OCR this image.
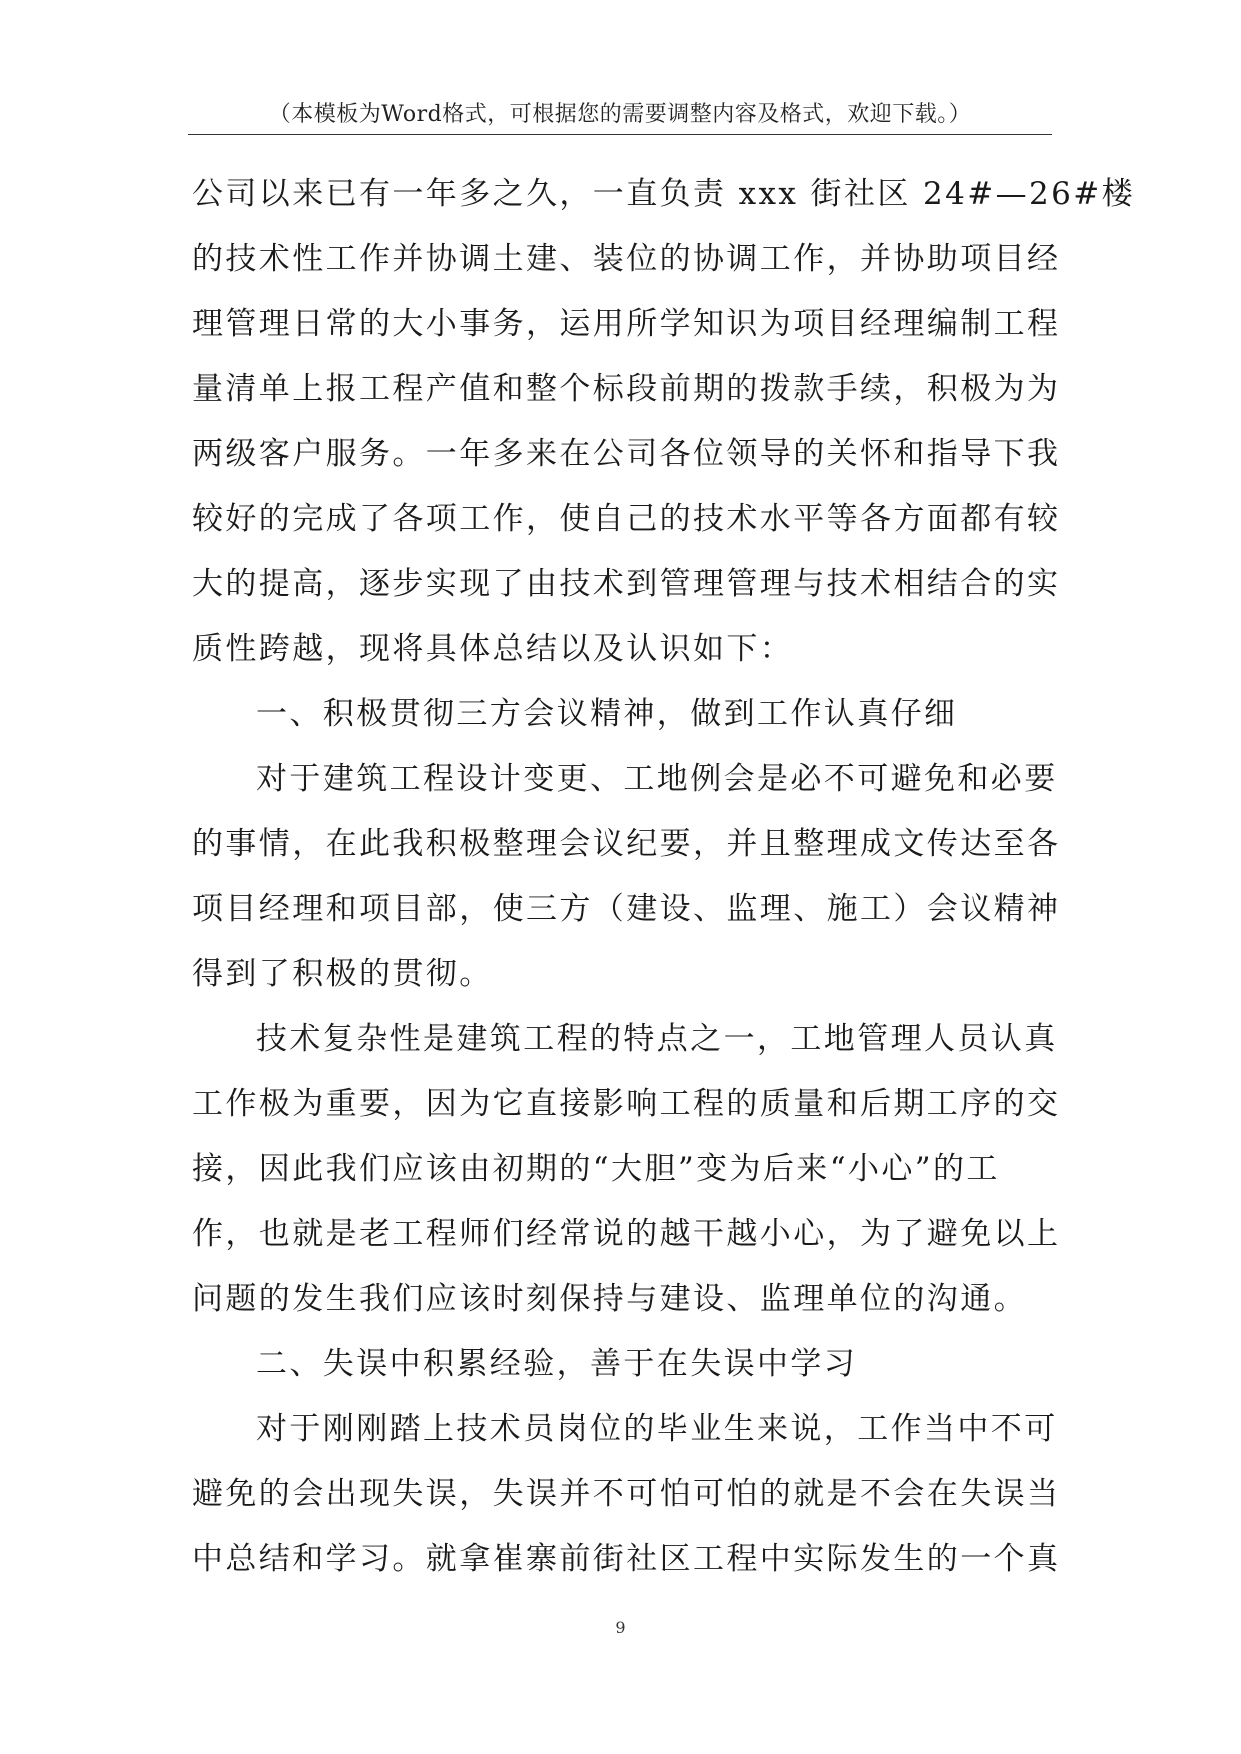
（本模板为Word格式，可根据您的需要调整内容及格式，欢迎下载。）
公司以来已有一年多之久，一直负责 xxx 街社区 24#—26#楼
的技术性工作并协调土建、装位的协调工作，并协助项目经
理管理日常的大小事务，运用所学知识为项目经理编制工程
量清单上报工程产值和整个标段前期的拨款手续，积极为为
两级客户服务。一年多来在公司各位领导的关怀和指导下我
较好的完成了各项工作，使自己的技术水平等各方面都有较
大的提高，逐步实现了由技术到管理管理与技术相结合的实
质性跨越，现将具体总结以及认识如下：
一、积极贯彻三方会议精神，做到工作认真仔细
对于建筑工程设计变更、工地例会是必不可避免和必要
的事情，在此我积极整理会议纪要，并且整理成文传达至各
项目经理和项目部，使三方（建设、监理、施工）会议精神
得到了积极的贯彻。
技术复杂性是建筑工程的特点之一，工地管理人员认真
工作极为重要，因为它直接影响工程的质量和后期工序的交
接，因此我们应该由初期的“大胆”变为后来“小心”的工
作，也就是老工程师们经常说的越干越小心，为了避免以上
问题的发生我们应该时刻保持与建设、监理单位的沟通。
二、失误中积累经验，善于在失误中学习
对于刚刚踏上技术员岗位的毕业生来说，工作当中不可
避免的会出现失误，失误并不可怕可怕的就是不会在失误当
中总结和学习。就拿崔寨前街社区工程中实际发生的一个真
9
